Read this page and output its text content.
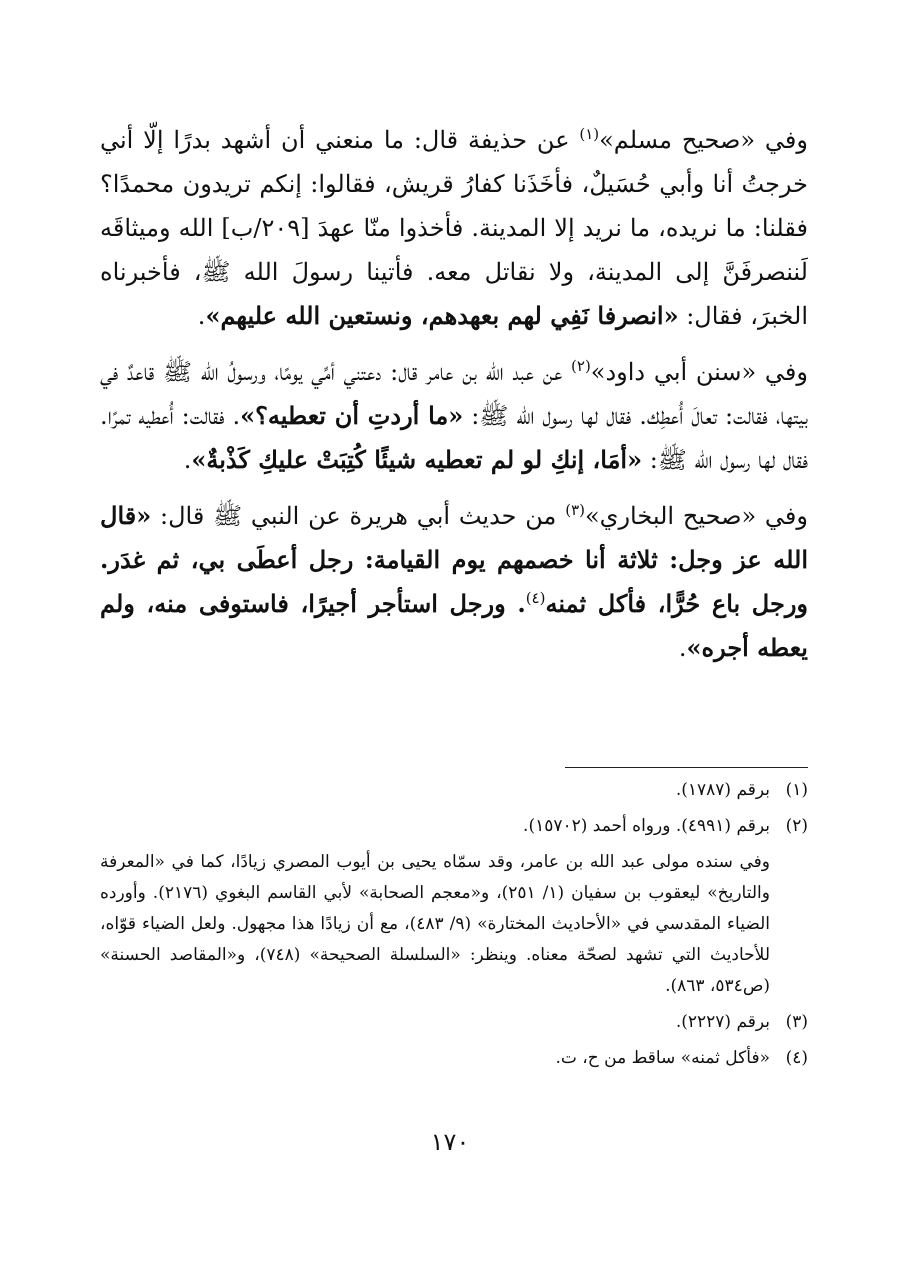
وفي «صحيح مسلم»$^{(١)}$ عن حذيفة قال: ما منعني أن أشهد بدرًا إلّا أني خرجتُ أنا وأبي حُسَيلٌ، فأخَذَنا كفارُ قريش، فقالوا: إنكم تريدون محمدًا؟ فقلنا: ما نريده، ما نريد إلا المدينة. فأخذوا منّا عهدَ [٢٠٩/ب] الله وميثاقَه لَننصرفَنَّ إلى المدينة، ولا نقاتل معه. فأتينا رسولَ الله ﷺ، فأخبرناه الخبرَ، فقال: «انصرفا نَفِي لهم بعهدهم، ونستعين الله عليهم».

وفي «سنن أبي داود»$^{(٢)}$ عن عبد الله بن عامر قال: دعتني أمِّي يومًا، ورسولُ الله ﷺ قاعدٌ في بيتها، فقالت: تعالَ أُعطِك. فقال لها رسول الله ﷺ: «ما أردتِ أن تعطيه؟». فقالت: أُعطيه تمرًا. فقال لها رسول الله ﷺ: «أمَا، إنكِ لو لم تعطيه شيئًا كُتِبَتْ عليكِ كَذْبةٌ».

وفي «صحيح البخاري»$^{(٣)}$ من حديث أبي هريرة عن النبي ﷺ قال: «قال الله عز وجل: ثلاثة أنا خصمهم يوم القيامة: رجل أعطَى بي، ثم غدَر. ورجل باع حُرًّا، فأكل ثمنه$^{(٤)}$. ورجل استأجر أجيرًا، فاستوفى منه، ولم يعطه أجره».

(١)
برقم (١٧٨٧).
(٢)
برقم (٤٩٩١). ورواه أحمد (١٥٧٠٢).
وفي سنده مولى عبد الله بن عامر، وقد سمّاه يحيى بن أيوب المصري زيادًا، كما في «المعرفة والتاريخ» ليعقوب بن سفيان (١/ ٢٥١)، و«معجم الصحابة» لأبي القاسم البغوي (٢١٧٦). وأورده الضياء المقدسي في «الأحاديث المختارة» (٩/ ٤٨٣)، مع أن زيادًا هذا مجهول. ولعل الضياء قوّاه، للأحاديث التي تشهد لصحّة معناه. وينظر: «السلسلة الصحيحة» (٧٤٨)، و«المقاصد الحسنة» (ص٥٣٤، ٨٦٣).
(٣)
برقم (٢٢٢٧).
(٤)
«فأكل ثمنه» ساقط من ح، ت.
١٧٠
